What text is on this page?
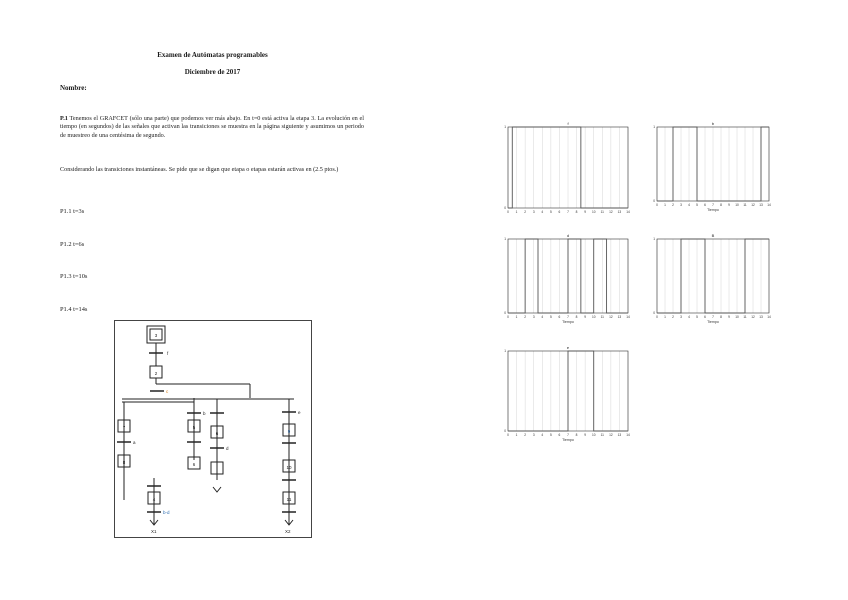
Examen de Autómatas programables
Diciembre de 2017
Nombre:
P.1 Tenemos el GRAFCET (sólo una parte) que podemos ver más abajo. En t=0 está activa la etapa 3. La evolución en el tiempo (en segundos) de las señales que activan las transiciones se muestra en la página siguiente y asumimos un periodo de muestreo de una centésima de segundo.
Considerando las transiciones instantáneas. Se pide que se digan que etapa o etapas estarán activas en (2.5 ptos.)
P1.1 t=3s
P1.2 t=6s
P1.3 t=10s
P1.4 t=14s
3
2
7
8
5
6
6
4
9
10
11
f
c
a
b
d
e
b-d
X1	X2
f
0 1 2 3 4 5 6 7 8 9 10 11 12 13 14
0
1
b
0 1 2 3 4 5 6 7 8 9 10 11 12 13 14
0
1
Tiempo
d
0 1 2 3 4 5 6 7 8 9 10 11 12 13 14
0
1
Tiempo
B
0 1 2 3 4 5 6 7 8 9 10 11 12 13 14
0
1
Tiempo
e
0 1 2 3 4 5 6 7 8 9 10 11 12 13 14
0
1
Tiempo
